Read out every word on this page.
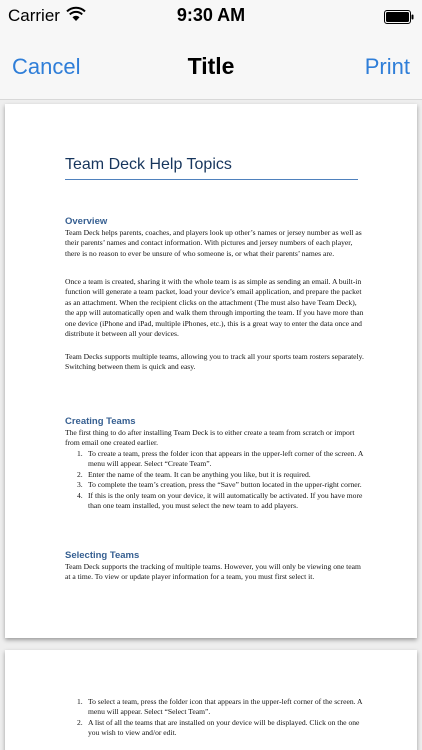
Carrier	9:30 AM
Cancel	Title	Print
Team Deck Help Topics
Overview
Team Deck helps parents, coaches, and players look up other’s names or jersey number as well as their parents’ names and contact information. With pictures and jersey numbers of each player, there is no reason to ever be unsure of who someone is, or what their parents’ names are.
Once a team is created, sharing it with the whole team is as simple as sending an email. A built-in function will generate a team packet, load your device’s email application, and prepare the packet as an attachment. When the recipient clicks on the attachment (The must also have Team Deck), the app will automatically open and walk them through importing the team. If you have more than one device (iPhone and iPad, multiple iPhones, etc.), this is a great way to enter the data once and distribute it between all your devices.
Team Decks supports multiple teams, allowing you to track all your sports team rosters separately. Switching between them is quick and easy.
Creating Teams
The first thing to do after installing Team Deck is to either create a team from scratch or import from email one created earlier.
1. To create a team, press the folder icon that appears in the upper-left corner of the screen. A menu will appear. Select “Create Team”.
2. Enter the name of the team. It can be anything you like, but it is required.
3. To complete the team’s creation, press the “Save” button located in the upper-right corner.
4. If this is the only team on your device, it will automatically be activated. If you have more than one team installed, you must select the new team to add players.
Selecting Teams
Team Deck supports the tracking of multiple teams. However, you will only be viewing one team at a time. To view or update player information for a team, you must first select it.
1. To select a team, press the folder icon that appears in the upper-left corner of the screen. A menu will appear. Select “Select Team”.
2. A list of all the teams that are installed on your device will be displayed. Click on the one you wish to view and/or edit.
